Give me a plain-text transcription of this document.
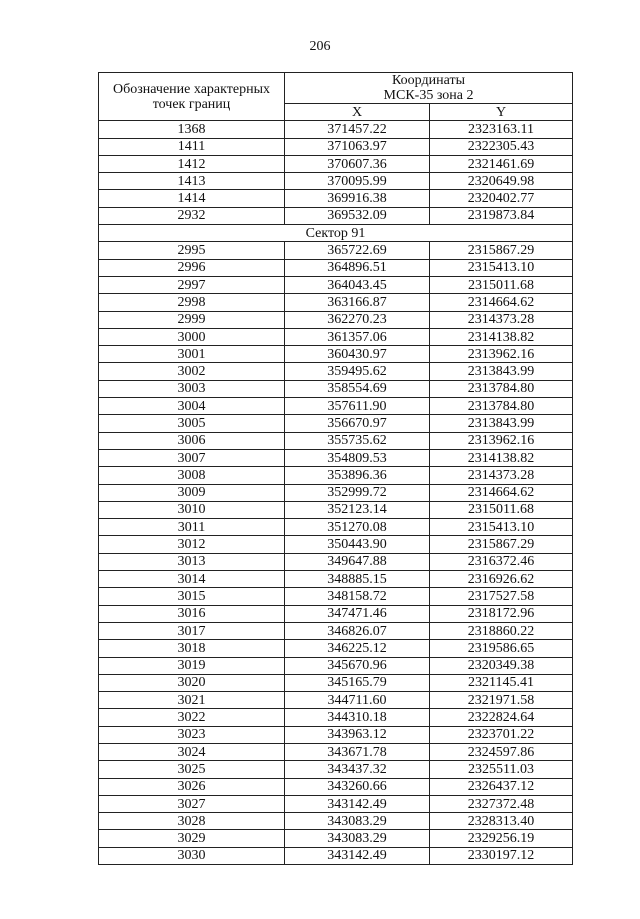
206
Обозначение характерных
точек границ	Координаты
МСК-35 зона 2	
	X	Y
1368	371457.22	2323163.11
1411	371063.97	2322305.43
1412	370607.36	2321461.69
1413	370095.99	2320649.98
1414	369916.38	2320402.77
2932	369532.09	2319873.84
Сектор 91		
2995	365722.69	2315867.29
2996	364896.51	2315413.10
2997	364043.45	2315011.68
2998	363166.87	2314664.62
2999	362270.23	2314373.28
3000	361357.06	2314138.82
3001	360430.97	2313962.16
3002	359495.62	2313843.99
3003	358554.69	2313784.80
3004	357611.90	2313784.80
3005	356670.97	2313843.99
3006	355735.62	2313962.16
3007	354809.53	2314138.82
3008	353896.36	2314373.28
3009	352999.72	2314664.62
3010	352123.14	2315011.68
3011	351270.08	2315413.10
3012	350443.90	2315867.29
3013	349647.88	2316372.46
3014	348885.15	2316926.62
3015	348158.72	2317527.58
3016	347471.46	2318172.96
3017	346826.07	2318860.22
3018	346225.12	2319586.65
3019	345670.96	2320349.38
3020	345165.79	2321145.41
3021	344711.60	2321971.58
3022	344310.18	2322824.64
3023	343963.12	2323701.22
3024	343671.78	2324597.86
3025	343437.32	2325511.03
3026	343260.66	2326437.12
3027	343142.49	2327372.48
3028	343083.29	2328313.40
3029	343083.29	2329256.19
3030	343142.49	2330197.12
